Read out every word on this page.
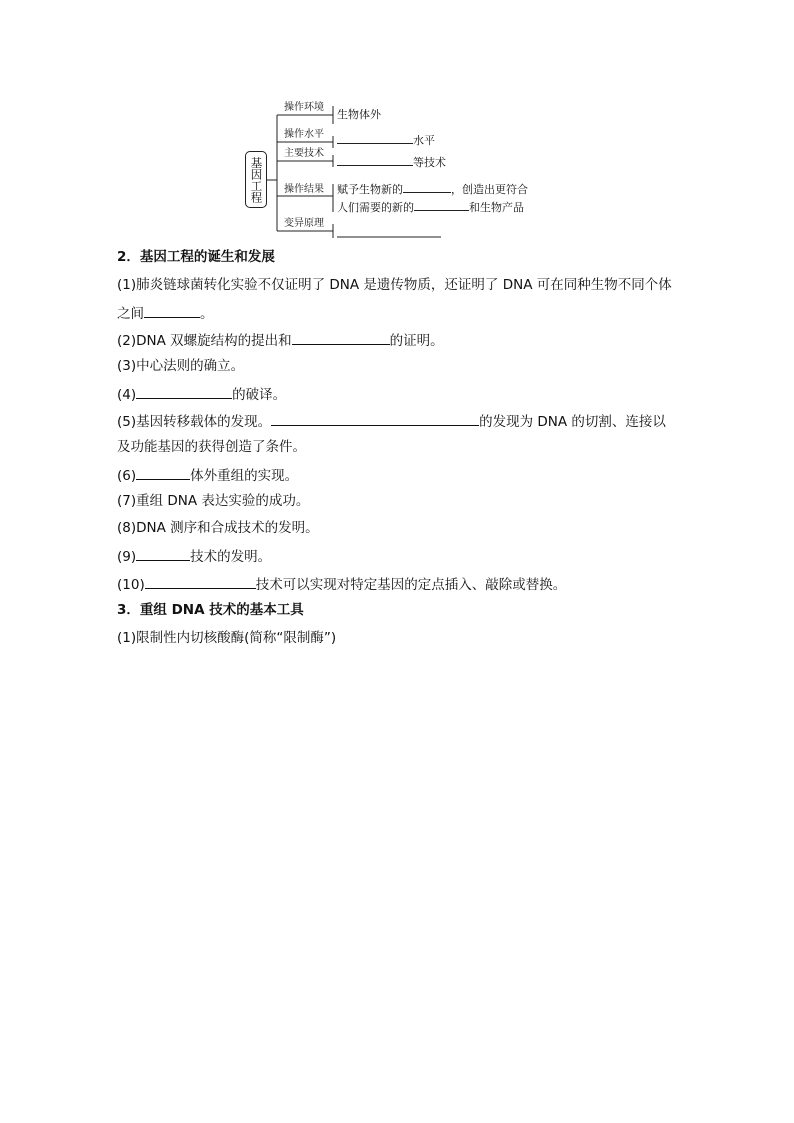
基因工程
操作环境
操作水平
主要技术
操作结果
变异原理
生物体外
水平
等技术
赋予生物新的	，创造出更符合
人们需要的新的	和生物产品
2．基因工程的诞生和发展
(1)肺炎链球菌转化实验不仅证明了 DNA 是遗传物质，还证明了 DNA 可在同种生物不同个体
之间	。
(2)DNA 双螺旋结构的提出和	的证明。
(3)中心法则的确立。
(4)	的破译。
(5)基因转移载体的发现。	的发现为 DNA 的切割、连接以
及功能基因的获得创造了条件。
(6)	体外重组的实现。
(7)重组 DNA 表达实验的成功。
(8)DNA 测序和合成技术的发明。
(9)	技术的发明。
(10)	技术可以实现对特定基因的定点插入、敲除或替换。
3．重组 DNA 技术的基本工具
(1)限制性内切核酸酶(简称“限制酶”)
